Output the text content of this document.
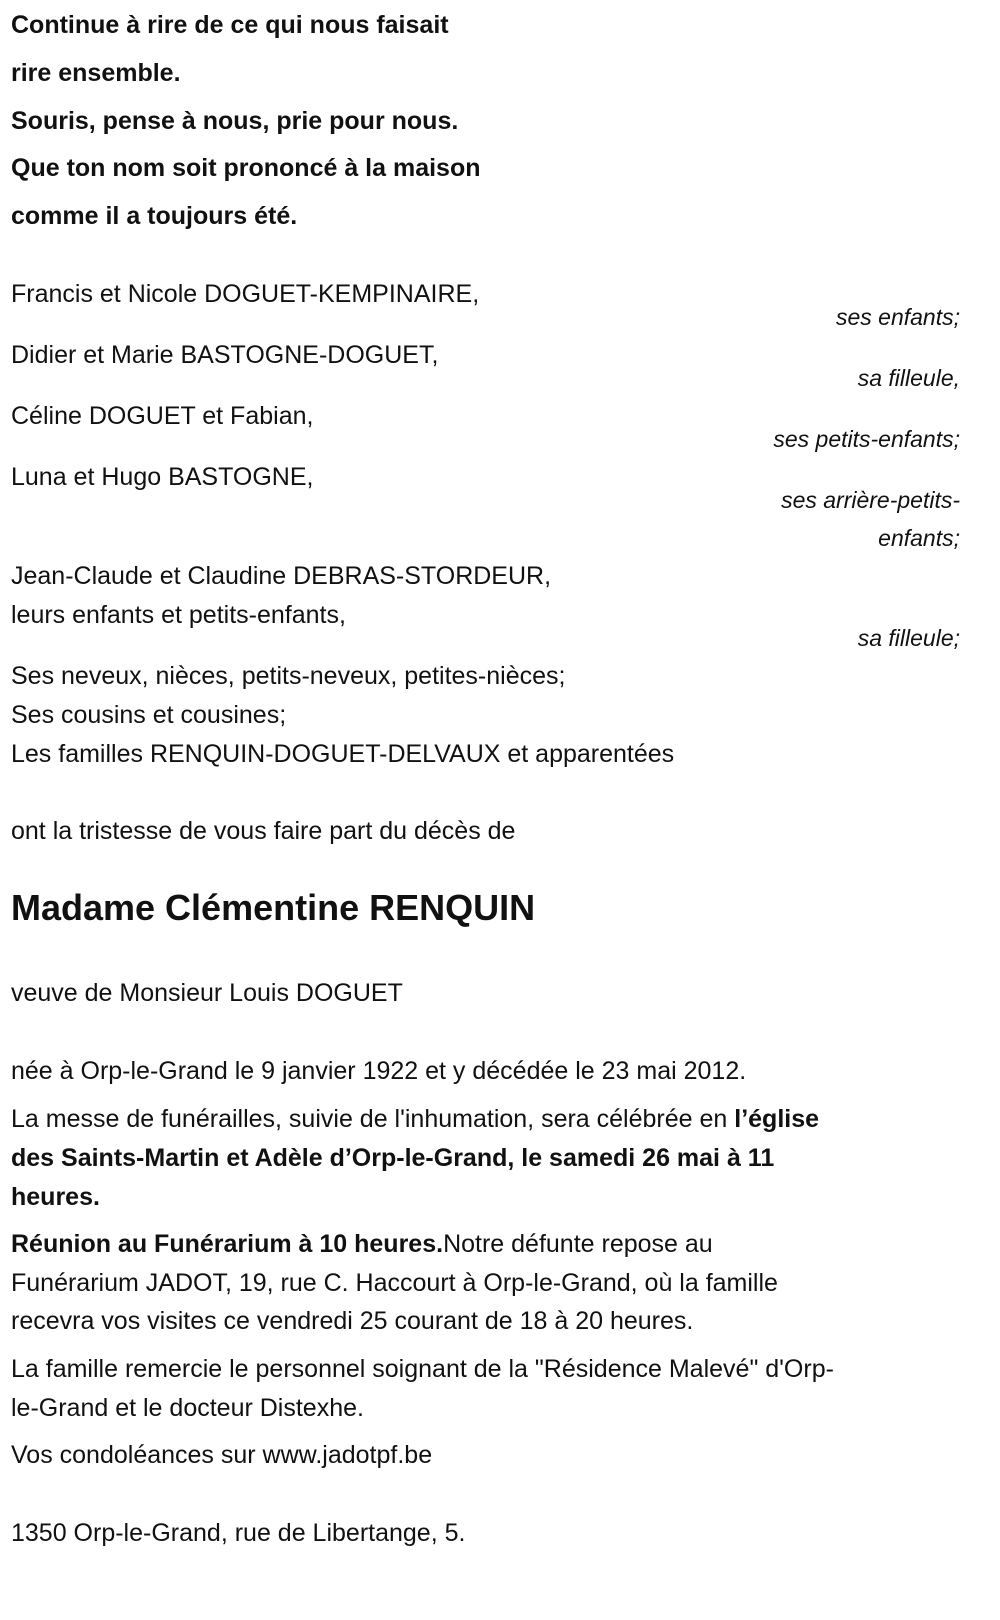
Continue à rire de ce qui nous faisait
rire ensemble.
Souris, pense à nous, prie pour nous.
Que ton nom soit prononcé à la maison
comme il a toujours été.
Francis et Nicole DOGUET-KEMPINAIRE,
ses enfants;
Didier et Marie BASTOGNE-DOGUET,
sa filleule,
Céline DOGUET et Fabian,
ses petits-enfants;
Luna et Hugo BASTOGNE,
ses arrière-petits-
enfants;
Jean-Claude et Claudine DEBRAS-STORDEUR,
leurs enfants et petits-enfants,
sa filleule;
Ses neveux, nièces, petits-neveux, petites-nièces;
Ses cousins et cousines;
Les familles RENQUIN-DOGUET-DELVAUX et apparentées
ont la tristesse de vous faire part du décès de
Madame Clémentine RENQUIN
veuve de Monsieur Louis DOGUET
née à Orp-le-Grand le 9 janvier 1922 et y décédée le 23 mai 2012.
La messe de funérailles, suivie de l'inhumation, sera célébrée en l’église
des Saints-Martin et Adèle d’Orp-le-Grand, le samedi 26 mai à 11
heures.
Réunion au Funérarium à 10 heures.Notre défunte repose au
Funérarium JADOT, 19, rue C. Haccourt à Orp-le-Grand, où la famille
recevra vos visites ce vendredi 25 courant de 18 à 20 heures.
La famille remercie le personnel soignant de la "Résidence Malevé" d'Orp-
le-Grand et le docteur Distexhe.
Vos condoléances sur www.jadotpf.be
1350 Orp-le-Grand, rue de Libertange, 5.
